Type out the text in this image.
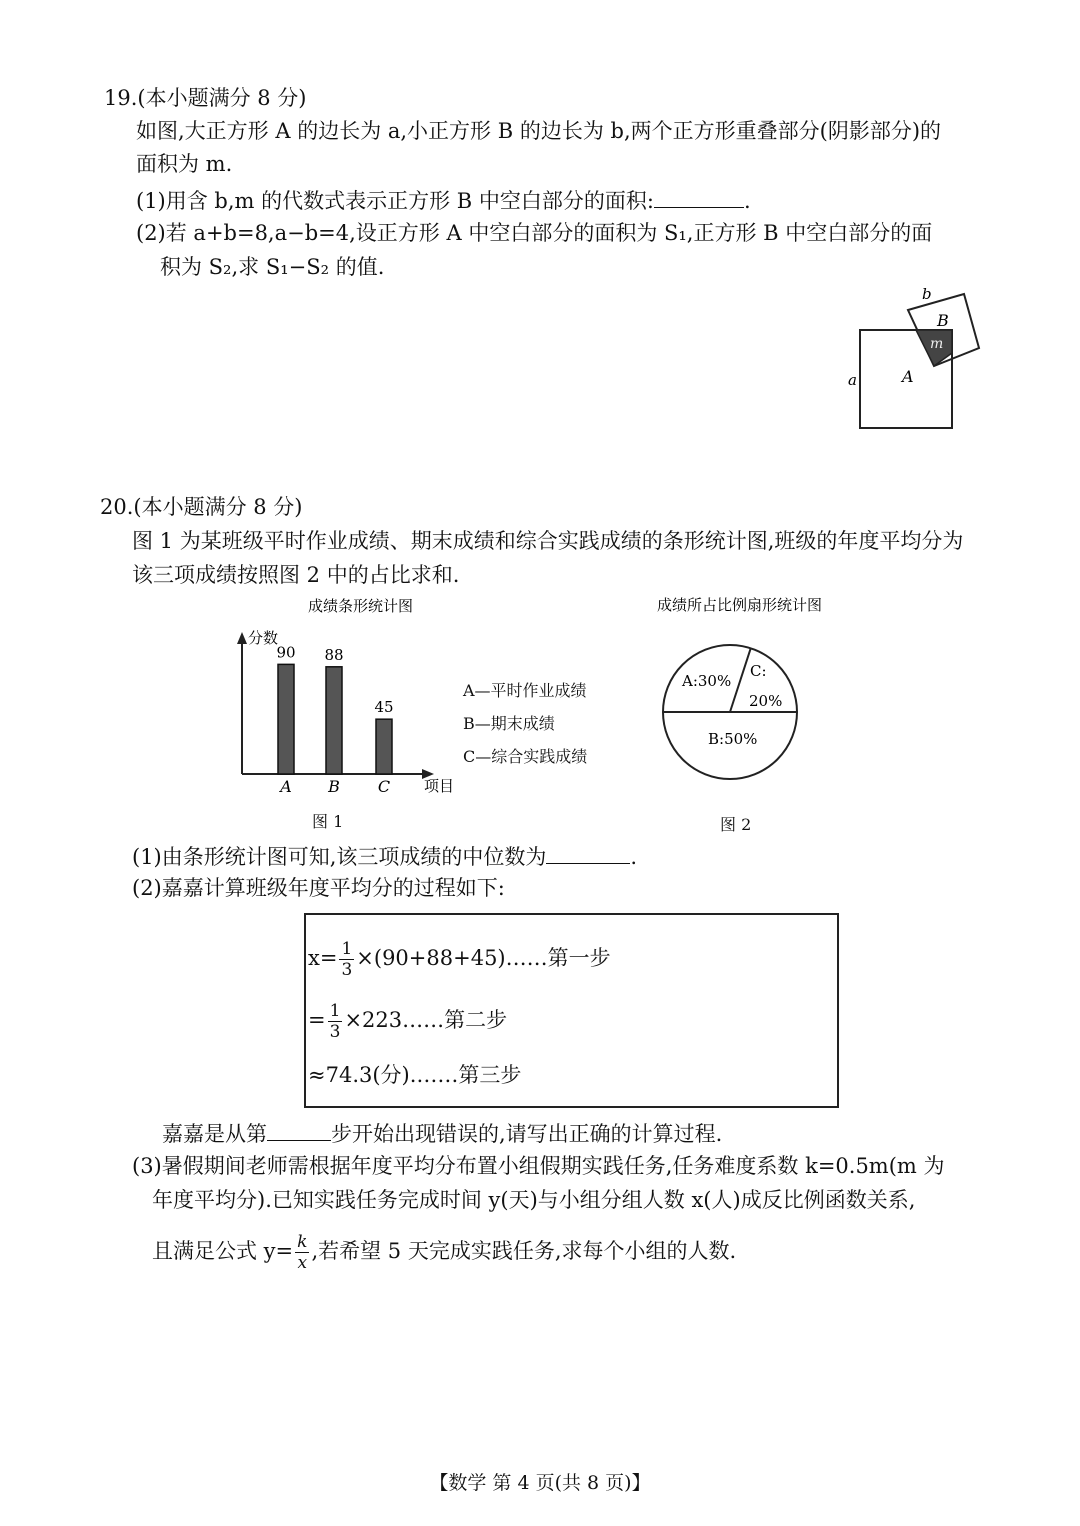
19.(本小题满分 8 分)
如图,大正方形 A 的边长为 a,小正方形 B 的边长为 b,两个正方形重叠部分(阴影部分)的
面积为 m.
(1)用含 b,m 的代数式表示正方形 B 中空白部分的面积:	.
(2)若 a+b=8,a−b=4,设正方形 A 中空白部分的面积为 S₁,正方形 B 中空白部分的面
积为 S₂,求 S₁−S₂ 的值.
a	A
b
B
m
20.(本小题满分 8 分)
图 1 为某班级平时作业成绩、期末成绩和综合实践成绩的条形统计图,班级的年度平均分为
该三项成绩按照图 2 中的占比求和.
成绩条形统计图
分数
项目
90
A
88
B
45
C
A—平时作业成绩
B—期末成绩
C—综合实践成绩
成绩所占比例扇形统计图
A:30%
B:50%
C:
20%
图 1	图 2
(1)由条形统计图可知,该三项成绩的中位数为	.
(2)嘉嘉计算班级年度平均分的过程如下:
$x= \frac{1}{3}$ ×(90+88+45)……第一步
= $\frac{1}{3}$ ×223……第二步
≈74.3(分).……第三步
嘉嘉是从第	步开始出现错误的,请写出正确的计算过程.
(3)暑假期间老师需根据年度平均分布置小组假期实践任务,任务难度系数 k=0.5m(m 为
年度平均分).已知实践任务完成时间 y(天)与小组分组人数 x(人)成反比例函数关系,
且满足公式 $y= \frac{k}{x}$ ,若希望 5 天完成实践任务,求每个小组的人数.
【数学 第 4 页(共 8 页)】
